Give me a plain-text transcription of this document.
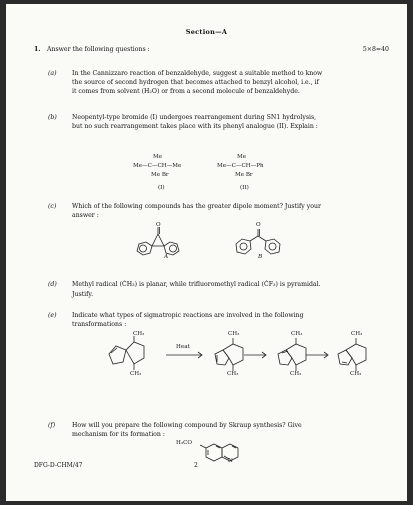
Section—A
1. Answer the following questions :	5×8=40
(a) In the Cannizzaro reaction of benzaldehyde, suggest a suitable method to know
the source of second hydrogen that becomes attached to benzyl alcohol, i.e., if
it comes from solvent (H₂O) or from a second molecule of benzaldehyde.
(b) Neopentyl-type bromide (I) undergoes rearrangement during SN1 hydrolysis,
but no such rearrangement takes place with its phenyl analogue (II). Explain :
Me
Me—C—CH—Me
Me Br
(I)
Me
Me—C—CH—Ph
Me Br
(II)
(c)	Which of the following compounds has the greater dipole moment? Justify your
answer :
O
A
O
B
(d) Methyl radical (ĊH₃) is planar, while trifluoromethyl radical (ĊF₃) is pyramidal.
Justify.
(e)	Indicate what types of sigmatropic reactions are involved in the following
transformations :
CH₃
CH₃
Heat
CH₃
CH₃
CH₃
CH₃
CH₃
CH₃
(f)	How will you prepare the following compound by Skraup synthesis? Give
mechanism for its formation :
H₃CO
N
DFG-D-CHM/47	2
